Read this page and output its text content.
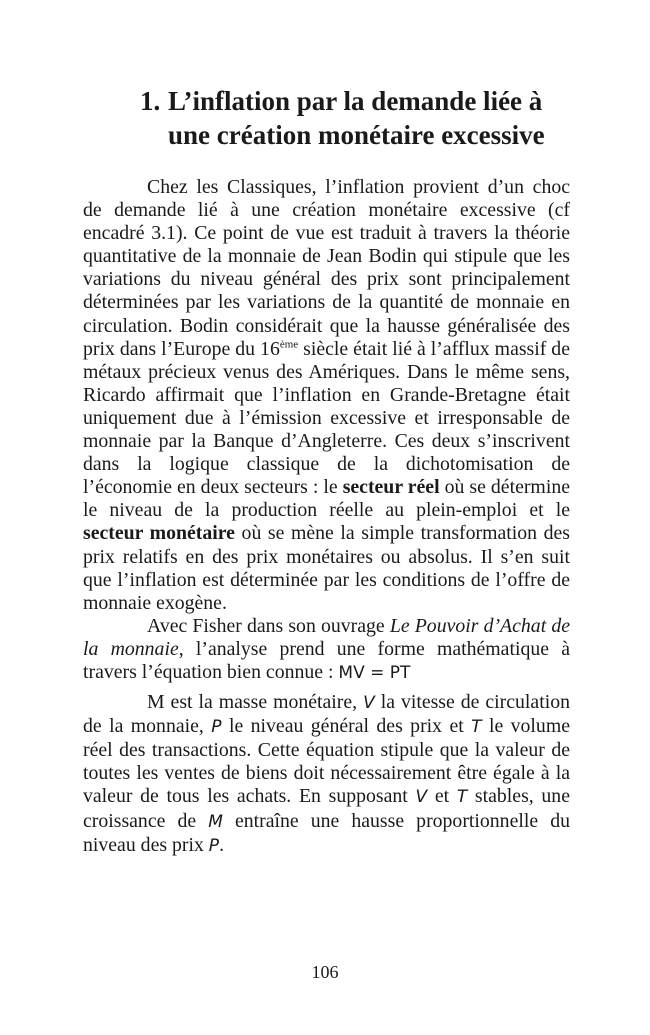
1. L’inflation par la demande liée à
une création monétaire excessive

Chez les Classiques, l’inflation provient d’un choc de demande lié à une création monétaire excessive (cf encadré 3.1). Ce point de vue est traduit à travers la théorie quantitative de la monnaie de Jean Bodin qui stipule que les variations du niveau général des prix sont principalement déterminées par les variations de la quantité de monnaie en circulation. Bodin considérait que la hausse généralisée des prix dans l’Europe du 16ème siècle était lié à l’afflux massif de métaux précieux venus des Amériques. Dans le même sens, Ricardo affirmait que l’inflation en Grande-Bretagne était uniquement due à l’émission excessive et irresponsable de monnaie par la Banque d’Angleterre. Ces deux s’inscrivent dans la logique classique de la dichotomisation de l’économie en deux secteurs : le secteur réel où se détermine le niveau de la production réelle au plein-emploi et le secteur monétaire où se mène la simple transformation des prix relatifs en des prix monétaires ou absolus. Il s’en suit que l’inflation est déterminée par les conditions de l’offre de monnaie exogène.

Avec Fisher dans son ouvrage Le Pouvoir d’Achat de la monnaie, l’analyse prend une forme mathématique à travers l’équation bien connue : MV = PT

M est la masse monétaire, V la vitesse de circulation de la monnaie, P le niveau général des prix et T le volume réel des transactions. Cette équation stipule que la valeur de toutes les ventes de biens doit nécessairement être égale à la valeur de tous les achats. En supposant V et T stables, une croissance de M entraîne une hausse proportionnelle du niveau des prix P.

106
